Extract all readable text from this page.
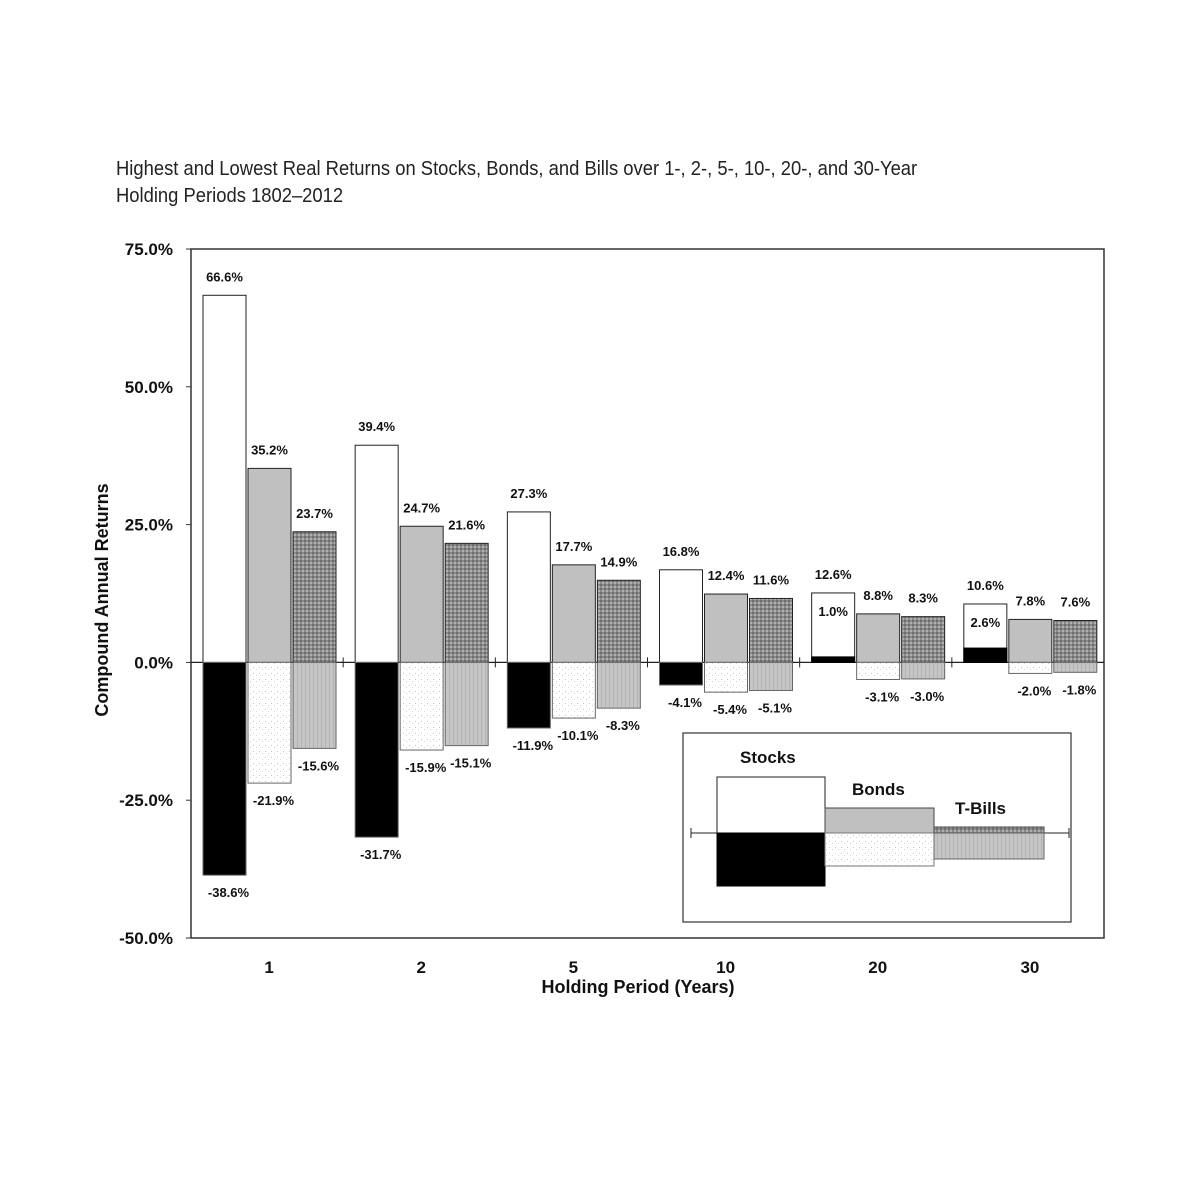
Highest and Lowest Real Returns on Stocks, Bonds, and Bills over 1-, 2-, 5-, 10-, 20-, and 30-Year
Holding Periods 1802–2012
75.0%
50.0%
25.0%
0.0%
-25.0%
-50.0%
1
66.6%
-38.6%
35.2%
-21.9%
23.7%
-15.6%
2
39.4%
-31.7%
24.7%
-15.9%
21.6%
-15.1%
5
27.3%
-11.9%
17.7%
-10.1%
14.9%
-8.3%
10
16.8%
-4.1%
12.4%
-5.4%
11.6%
-5.1%
20
12.6%
1.0%
8.8%
-3.1%
8.3%
-3.0%
30
10.6%
2.6%
7.8%
-2.0%
7.6%
-1.8%
Holding Period (Years)
Compound Annual Returns
Stocks
Bonds
T-Bills
